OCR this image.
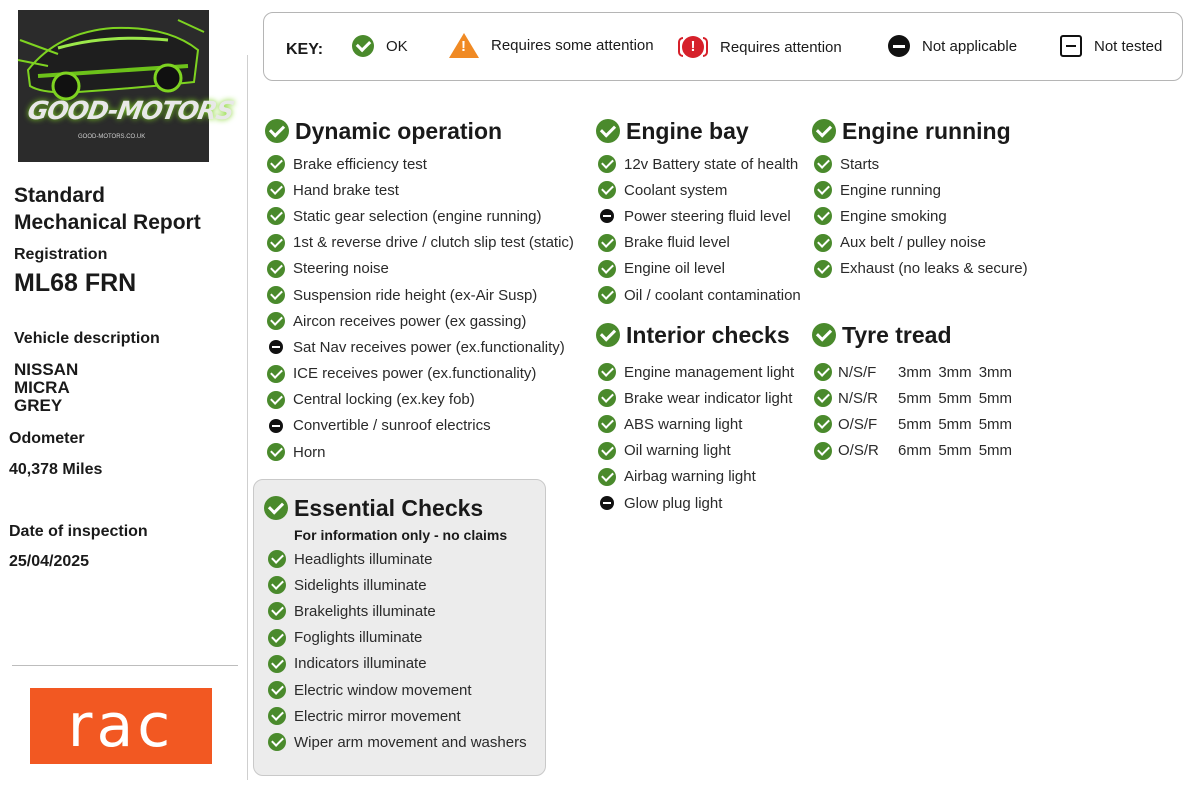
GOOD-MOTORS
GOOD-MOTORS.CO.UK
Standard
Mechanical Report
Registration
ML68 FRN
Vehicle description
NISSAN
MICRA
GREY
Odometer
40,378 Miles
Date of inspection
25/04/2025
rac
KEY:	OK
!	Requires some attention	!	Requires attention	Not applicable	Not tested
Dynamic operation
Brake efficiency test
Hand brake test
Static gear selection (engine running)
1st & reverse drive / clutch slip test (static)
Steering noise
Suspension ride height (ex-Air Susp)
Aircon receives power (ex gassing)
Sat Nav receives power (ex.functionality)
ICE receives power (ex.functionality)
Central locking (ex.key fob)
Convertible / sunroof electrics
Horn
Engine bay
12v Battery state of health
Coolant system
Power steering fluid level
Brake fluid level
Engine oil level
Oil / coolant contamination
Engine running
Starts
Engine running
Engine smoking
Aux belt / pulley noise
Exhaust (no leaks & secure)
Interior checks
Engine management light
Brake wear indicator light
ABS warning light
Oil warning light
Airbag warning light
Glow plug light
Tyre tread
N/S/F	3mm 3mm 3mm
N/S/R	5mm 5mm 5mm
O/S/F	5mm 5mm 5mm
O/S/R	6mm 5mm 5mm
Essential Checks
For information only - no claims
Headlights illuminate
Sidelights illuminate
Brakelights illuminate
Foglights illuminate
Indicators illuminate
Electric window movement
Electric mirror movement
Wiper arm movement and washers
